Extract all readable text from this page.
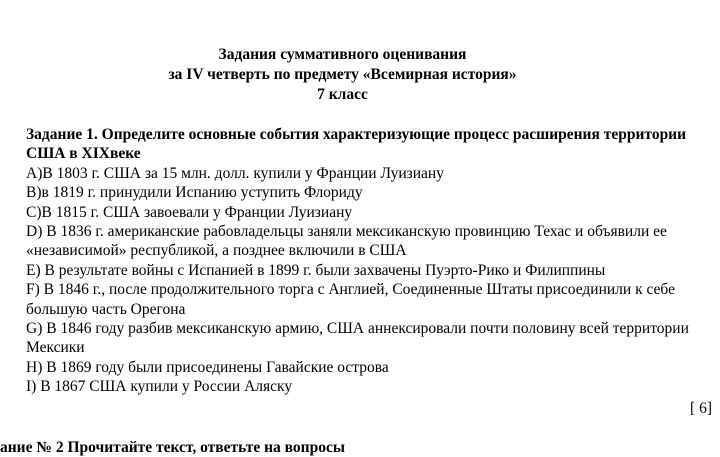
Задания суммативного оценивания
за IV четверть по предмету «Всемирная история»
7 класс
Задание 1. Определите основные события характеризующие процесс расширения территории США в XIXвеке
A)В 1803 г. США за 15 млн. долл. купили у Франции Луизиану
B)в 1819 г. принудили Испанию уступить Флориду
C)В 1815 г. США завоевали у Франции Луизиану
D) В 1836 г. американские рабовладельцы заняли мексиканскую провинцию Техас и объявили ее «независимой» республикой, а позднее включили в США
E) В результате войны с Испанией в 1899 г. были захвачены Пуэрто-Рико и Филиппины
F) В 1846 г., после продолжительного торга с Англией, Соединенные Штаты присоединили к себе большую часть Орегона
G) В 1846 году разбив мексиканскую армию, США аннексировали почти половину всей территории Мексики
H) В 1869 году были присоединены Гавайские острова
I) В 1867 США купили у России Аляску
[ 6]
ание № 2 Прочитайте текст, ответьте на вопросы
